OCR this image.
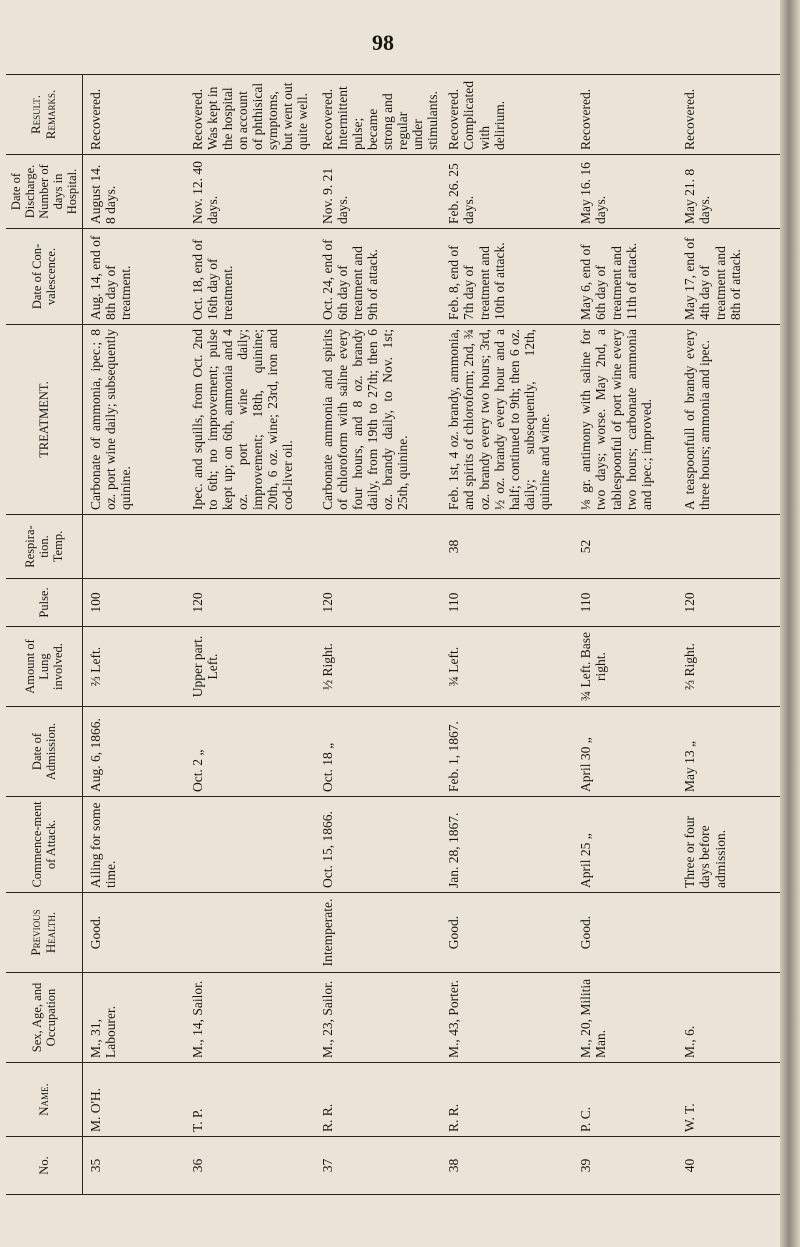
98
No.	Name.	Sex, Age, and Occupation	Previous Health.	Commence-ment of Attack.	Date of Admission.	Amount of Lung involved.	Pulse.	Respira-tion. Temp.	TREATMENT.	Date of Con-valescence.	Date of Discharge. Number of days in Hospital.	Result. Remarks.
35	M. O'H.	M., 31, Labourer.	Good.	Ailing for some time.	Aug. 6, 1866.	⅔ Left.	100		Carbonate of ammonia, ipec.; 8 oz. port wine daily; subsequently quinine.	Aug. 14, end of 8th day of treatment.	August 14. 8 days.	Recovered.
36	T. P.	M., 14, Sailor.			Oct. 2 „	Upper part. Left.	120		Ipec. and squills, from Oct. 2nd to 6th; no improvement; pulse kept up; on 6th, ammonia and 4 oz. port wine daily; improvement; 18th, quinine; 20th, 6 oz. wine; 23rd, iron and cod-liver oil.	Oct. 18, end of 16th day of treatment.	Nov. 12. 40 days.	Recovered. Was kept in the hospital on account of phthisical symptoms, but went out quite well.
37	R. R.	M., 23, Sailor.	Intemperate.	Oct. 15, 1866.	Oct. 18 „	½ Right.	120		Carbonate ammonia and spirits of chloroform with saline every four hours, and 8 oz. brandy daily, from 19th to 27th; then 6 oz. brandy daily, to Nov. 1st; 25th, quinine.	Oct. 24, end of 6th day of treatment and 9th of attack.	Nov. 9. 21 days.	Recovered. Intermittent pulse; became strong and regular under stimulants.
38	R. R.	M., 43, Porter.	Good.	Jan. 28, 1867.	Feb. 1, 1867.	¾ Left.	110	38	Feb. 1st, 4 oz. brandy, ammonia, and spirits of chloroform; 2nd, ¾ oz. brandy every two hours; 3rd, ½ oz. brandy every hour and a half; continued to 9th; then 6 oz. daily; subsequently, 12th, quinine and wine.	Feb. 8, end of 7th day of treatment and 10th of attack.	Feb. 26. 25 days.	Recovered. Complicated with delirium.
39	P. C.	M., 20, Militia Man.	Good.	April 25 „	April 30 „	¾ Left. Base right.	110	52	⅛ gr. antimony with saline for two days; worse. May 2nd, a tablespoonful of port wine every two hours; carbonate ammonia and ipec.; improved.	May 6, end of 6th day of treatment and 11th of attack.	May 16. 16 days.	Recovered.
40	W. T.	M., 6.		Three or four days before admission.	May 13 „	⅔ Right.	120		A teaspoonfull of brandy every three hours; ammonia and ipec.	May 17, end of 4th day of treatment and 8th of attack.	May 21. 8 days.	Recovered.
